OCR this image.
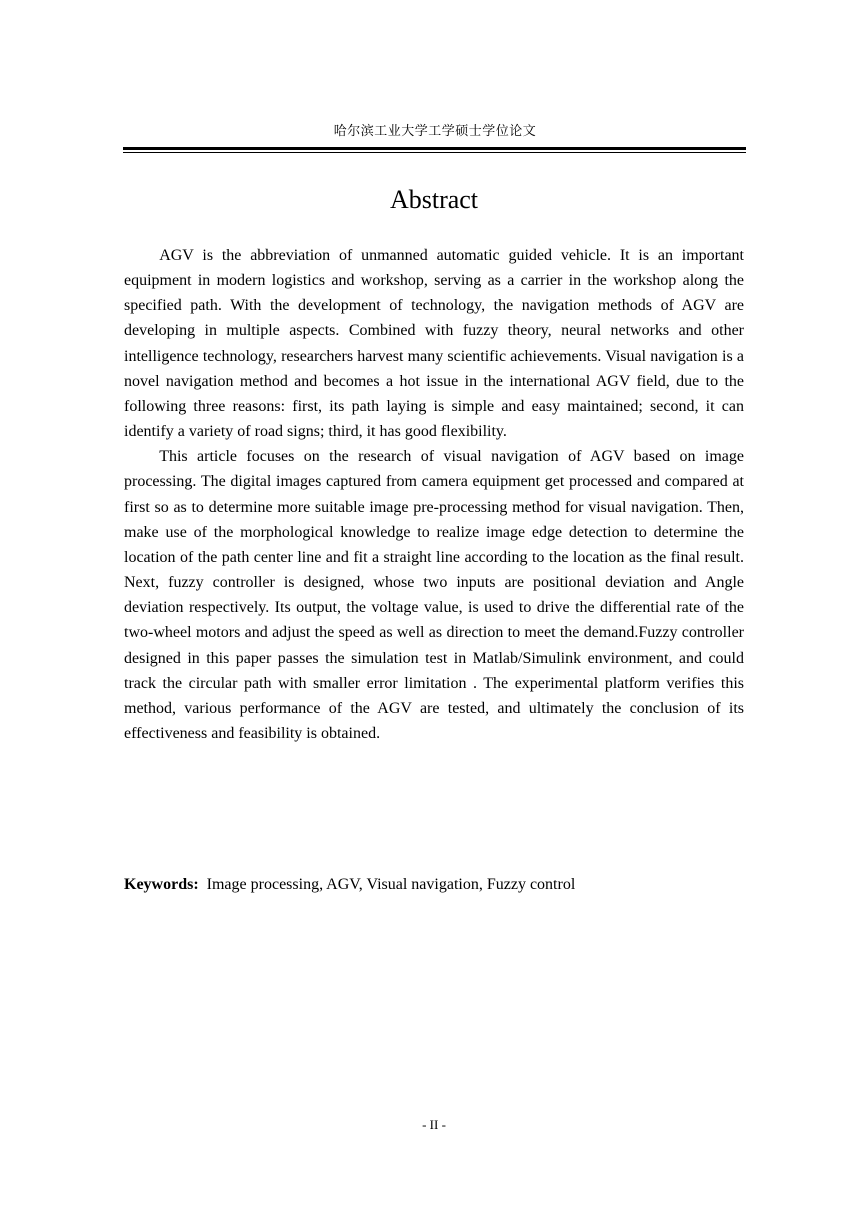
哈尔滨工业大学工学硕士学位论文
Abstract

AGV is the abbreviation of unmanned automatic guided vehicle. It is an important equipment in modern logistics and workshop, serving as a carrier in the workshop along the specified path. With the development of technology, the navigation methods of AGV are developing in multiple aspects. Combined with fuzzy theory, neural networks and other intelligence technology, researchers harvest many scientific achievements. Visual navigation is a novel navigation method and becomes a hot issue in the international AGV field, due to the following three reasons: first, its path laying is simple and easy maintained; second, it can identify a variety of road signs; third, it has good flexibility.

This article focuses on the research of visual navigation of AGV based on image processing. The digital images captured from camera equipment get processed and compared at first so as to determine more suitable image pre-processing method for visual navigation. Then, make use of the morphological knowledge to realize image edge detection to determine the location of the path center line and fit a straight line according to the location as the final result. Next, fuzzy controller is designed, whose two inputs are positional deviation and Angle deviation respectively. Its output, the voltage value, is used to drive the differential rate of the two-wheel motors and adjust the speed as well as direction to meet the demand.Fuzzy controller designed in this paper passes the simulation test in Matlab/Simulink environment, and could track the circular path with smaller error limitation . The experimental platform verifies this method, various performance of the AGV are tested, and ultimately the conclusion of its effectiveness and feasibility is obtained.

Keywords: Image processing, AGV, Visual navigation, Fuzzy control
- II -
